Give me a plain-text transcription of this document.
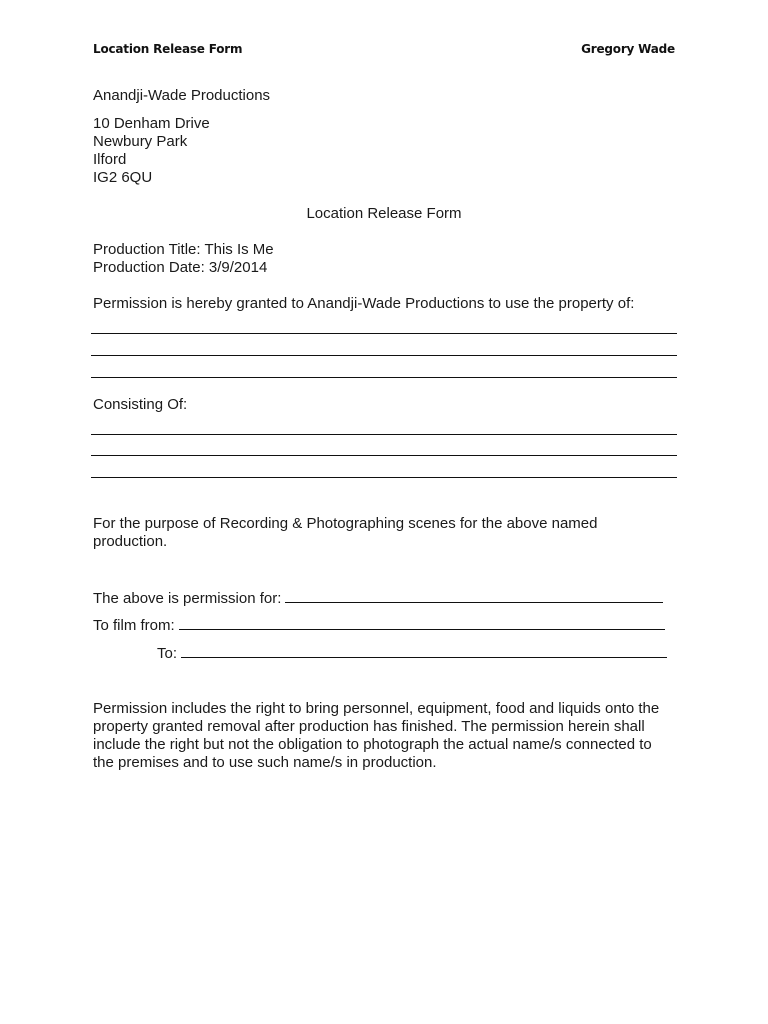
Location Release Form	Gregory Wade
Anandji-Wade Productions
10 Denham Drive
Newbury Park
Ilford
IG2 6QU
Location Release Form
Production Title: This Is Me
Production Date: 3/9/2014
Permission is hereby granted to Anandji-Wade Productions to use the property of:
Consisting Of:
For the purpose of Recording & Photographing scenes for the above named production.
The above is permission for:
To film from:
To:
Permission includes the right to bring personnel, equipment, food and liquids onto the property granted removal after production has finished. The permission herein shall include the right but not the obligation to photograph the actual name/s connected to the premises and to use such name/s in production.
